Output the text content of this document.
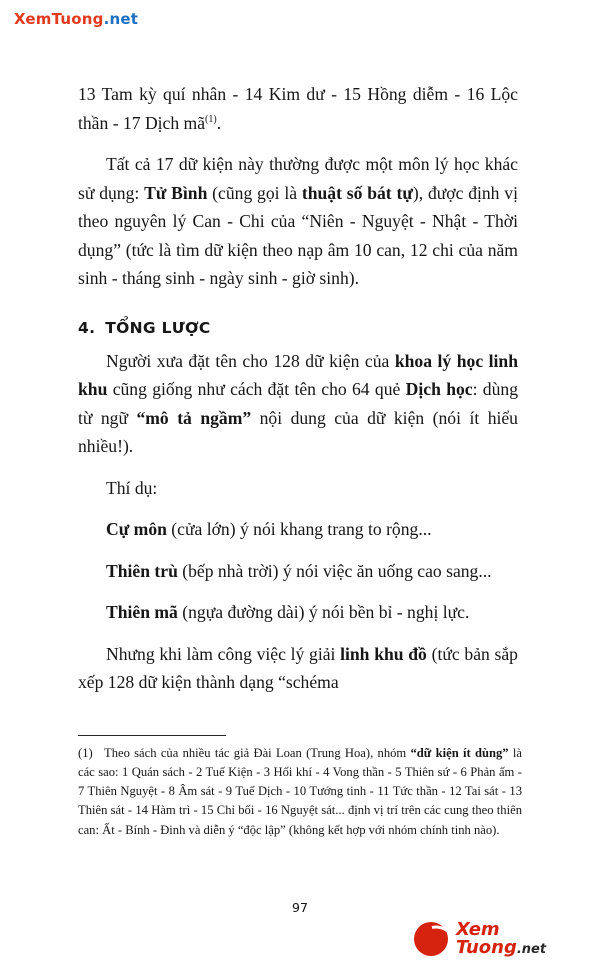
XemTuong.net

13 Tam kỳ quí nhân - 14 Kim dư - 15 Hồng diễm - 16 Lộc thần - 17 Dịch $mã^{(1)}$.

Tất cả 17 dữ kiện này thường được một môn lý học khác sử dụng: Tử Bình (cũng gọi là thuật số bát tự), được định vị theo nguyên lý Can - Chi của “Niên - Nguyệt - Nhật - Thời dụng” (tức là tìm dữ kiện theo nạp âm 10 can, 12 chi của năm sinh - tháng sinh - ngày sinh - giờ sinh).

4. TỔNG LƯỢC

Người xưa đặt tên cho 128 dữ kiện của khoa lý học linh khu cũng giống như cách đặt tên cho 64 quẻ Dịch học: dùng từ ngữ “mô tả ngầm” nội dung của dữ kiện (nói ít hiểu nhiều!).

Thí dụ:

Cự môn (cửa lớn) ý nói khang trang to rộng...

Thiên trù (bếp nhà trời) ý nói việc ăn uống cao sang...

Thiên mã (ngựa đường dài) ý nói bền bỉ - nghị lực.

Nhưng khi làm công việc lý giải linh khu đồ (tức bản sắp xếp 128 dữ kiện thành dạng “schéma

(1) Theo sách của nhiều tác giả Đài Loan (Trung Hoa), nhóm “dữ kiện ít dùng” là các sao: 1 Quán sách - 2 Tuế Kiện - 3 Hối khí - 4 Vong thần - 5 Thiên sứ - 6 Phản ấm - 7 Thiên Nguyệt - 8 Âm sát - 9 Tuế Dịch - 10 Tướng tinh - 11 Tức thần - 12 Tai sát - 13 Thiên sát - 14 Hàm trì - 15 Chỉ bối - 16 Nguyệt sát... định vị trí trên các cung theo thiên can: Ất - Bính - Đinh và diễn ý “độc lập” (không kết hợp với nhóm chính tinh nào).
97
Xem Tuong.net
